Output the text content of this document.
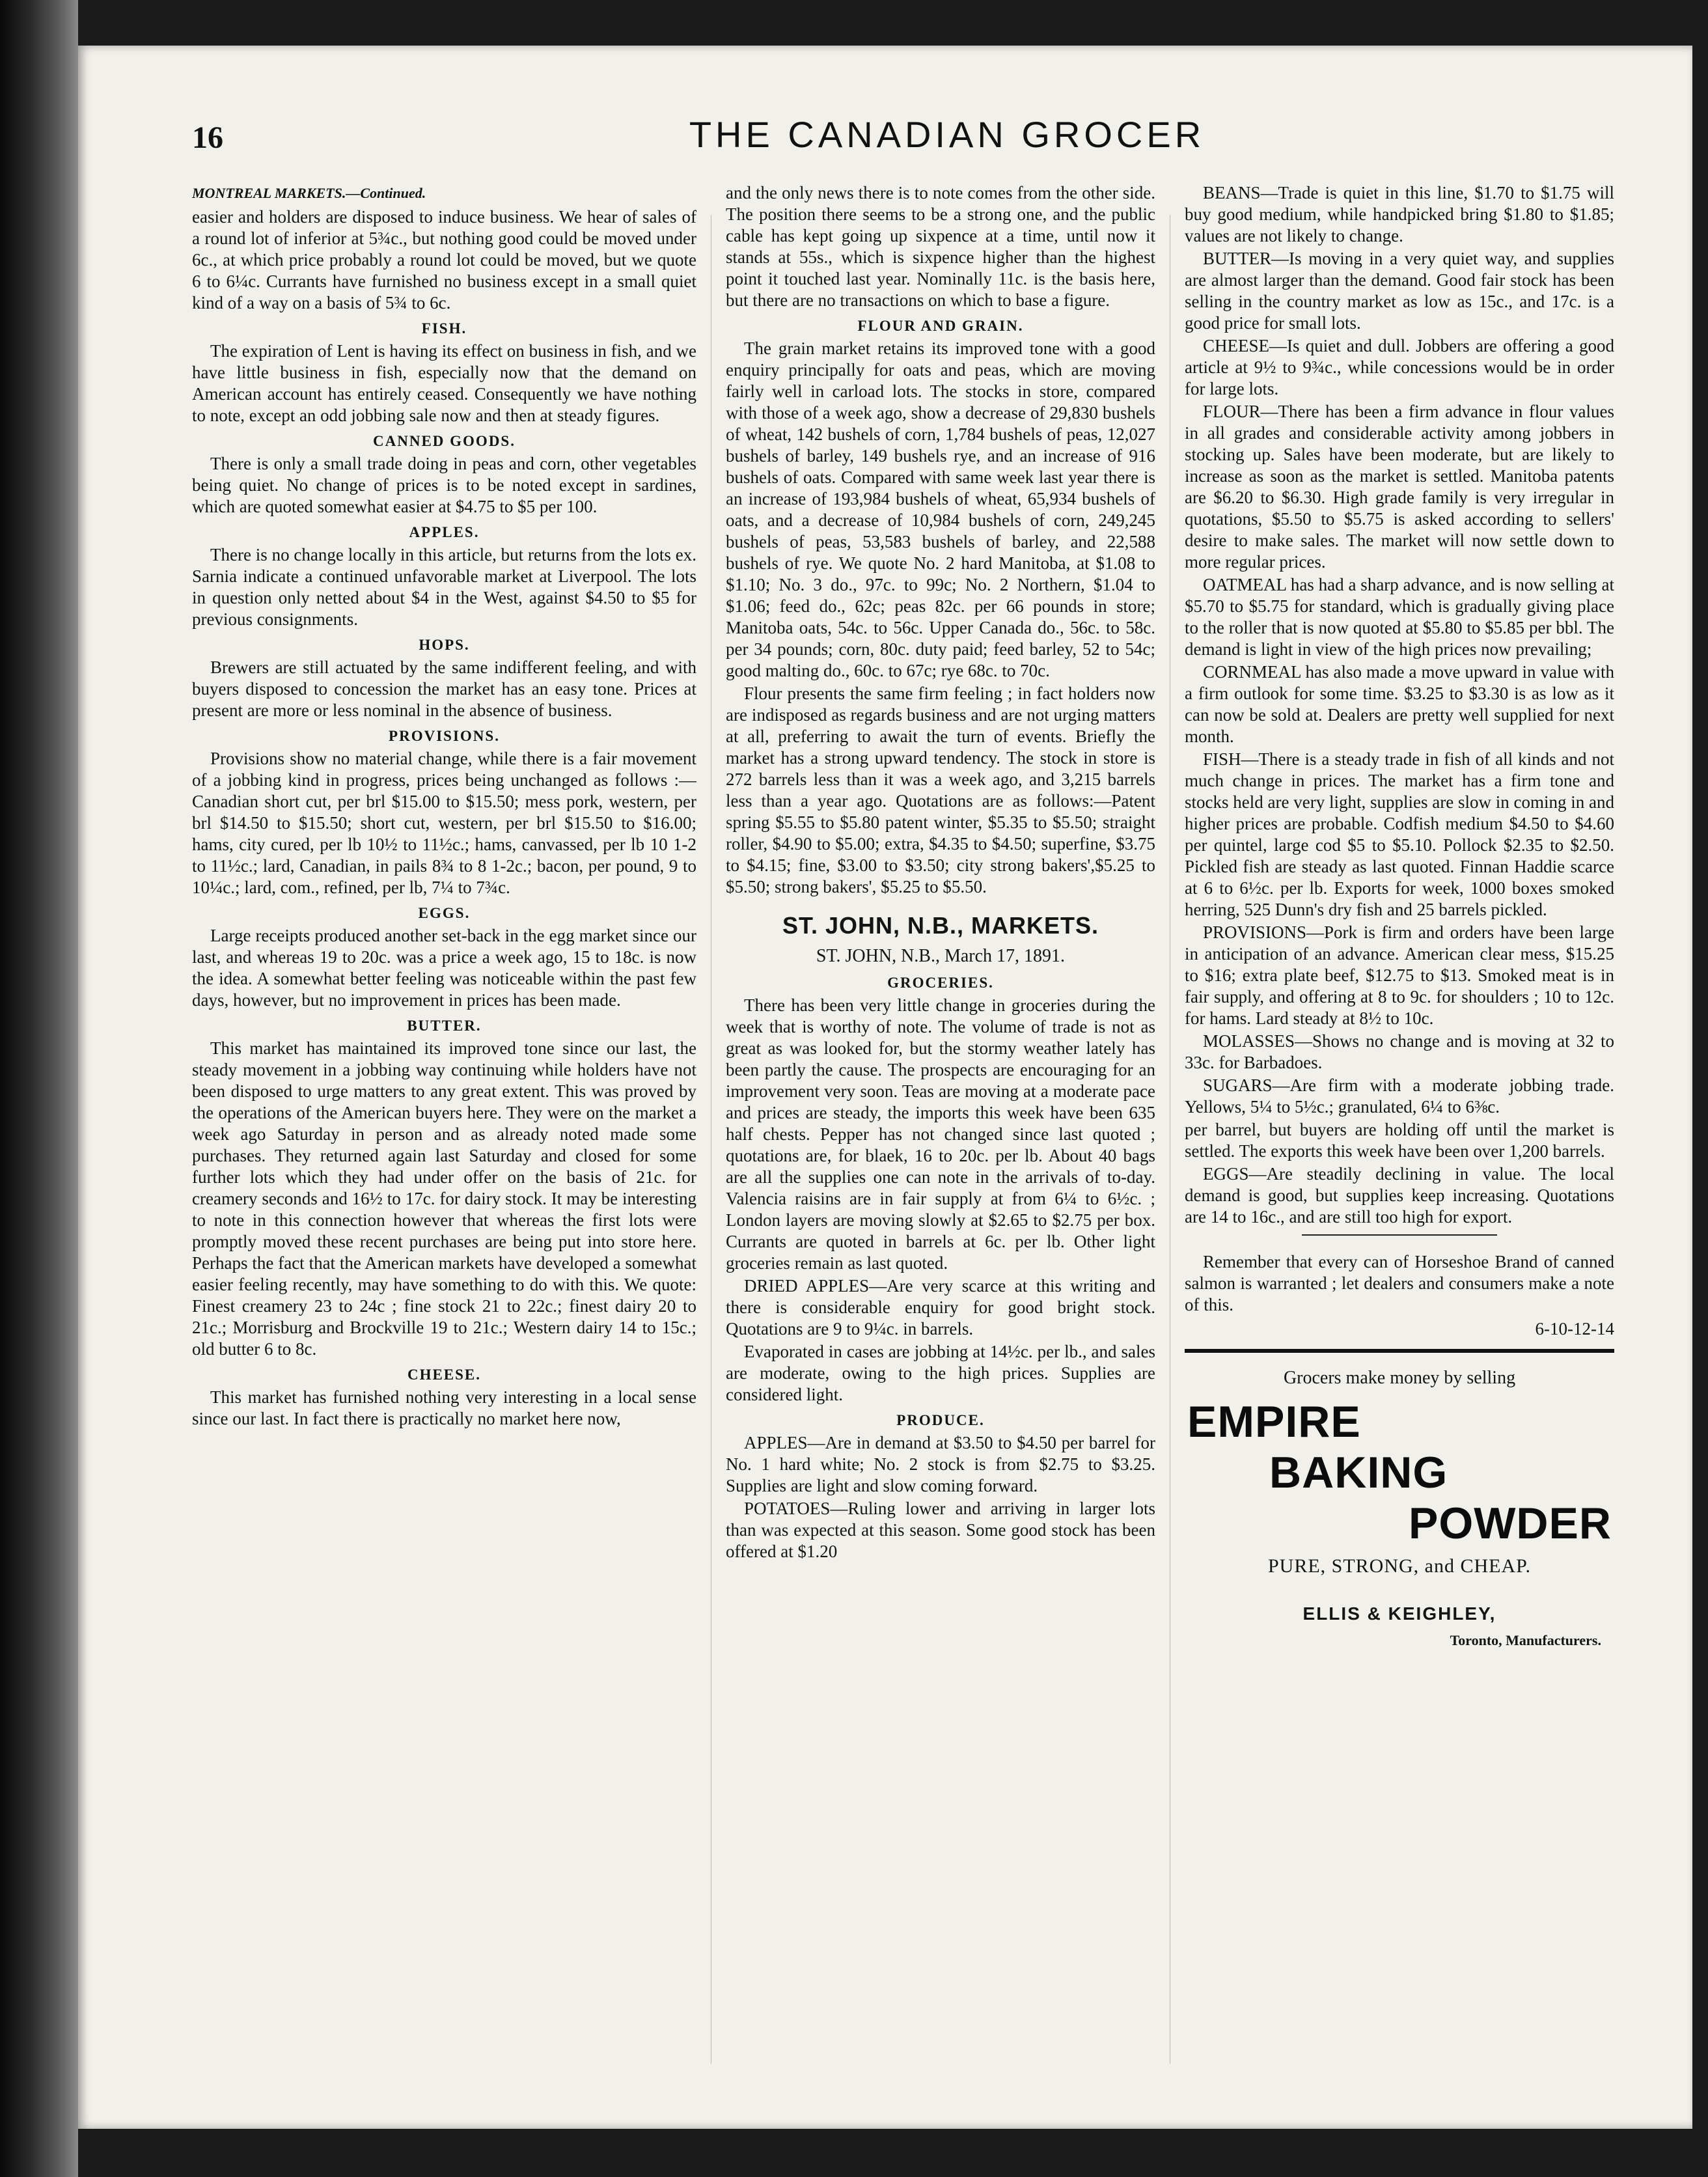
16	THE CANADIAN GROCER
MONTREAL MARKETS.—Continued.

easier and holders are disposed to induce business. We hear of sales of a round lot of inferior at 5¾c., but nothing good could be moved under 6c., at which price probably a round lot could be moved, but we quote 6 to 6¼c. Currants have furnished no business except in a small quiet kind of a way on a basis of 5¾ to 6c.

FISH.

The expiration of Lent is having its effect on business in fish, and we have little business in fish, especially now that the demand on American account has entirely ceased. Consequently we have nothing to note, except an odd jobbing sale now and then at steady figures.

CANNED GOODS.

There is only a small trade doing in peas and corn, other vegetables being quiet. No change of prices is to be noted except in sardines, which are quoted somewhat easier at $4.75 to $5 per 100.

APPLES.

There is no change locally in this article, but returns from the lots ex. Sarnia indicate a continued unfavorable market at Liverpool. The lots in question only netted about $4 in the West, against $4.50 to $5 for previous consignments.

HOPS.

Brewers are still actuated by the same indifferent feeling, and with buyers disposed to concession the market has an easy tone. Prices at present are more or less nominal in the absence of business.

PROVISIONS.

Provisions show no material change, while there is a fair movement of a jobbing kind in progress, prices being unchanged as follows :—Canadian short cut, per brl $15.00 to $15.50; mess pork, western, per brl $14.50 to $15.50; short cut, western, per brl $15.50 to $16.00; hams, city cured, per lb 10½ to 11½c.; hams, canvassed, per lb 10 1-2 to 11½c.; lard, Canadian, in pails 8¾ to 8 1-2c.; bacon, per pound, 9 to 10¼c.; lard, com., refined, per lb, 7¼ to 7¾c.

EGGS.

Large receipts produced another set-back in the egg market since our last, and whereas 19 to 20c. was a price a week ago, 15 to 18c. is now the idea. A somewhat better feeling was noticeable within the past few days, however, but no improvement in prices has been made.

BUTTER.

This market has maintained its improved tone since our last, the steady movement in a jobbing way continuing while holders have not been disposed to urge matters to any great extent. This was proved by the operations of the American buyers here. They were on the market a week ago Saturday in person and as already noted made some purchases. They returned again last Saturday and closed for some further lots which they had under offer on the basis of 21c. for creamery seconds and 16½ to 17c. for dairy stock. It may be interesting to note in this connection however that whereas the first lots were promptly moved these recent purchases are being put into store here. Perhaps the fact that the American markets have developed a somewhat easier feeling recently, may have something to do with this. We quote: Finest creamery 23 to 24c ; fine stock 21 to 22c.; finest dairy 20 to 21c.; Morrisburg and Brockville 19 to 21c.; Western dairy 14 to 15c.; old butter 6 to 8c.

CHEESE.

This market has furnished nothing very interesting in a local sense since our last. In fact there is practically no market here now,

and the only news there is to note comes from the other side. The position there seems to be a strong one, and the public cable has kept going up sixpence at a time, until now it stands at 55s., which is sixpence higher than the highest point it touched last year. Nominally 11c. is the basis here, but there are no transactions on which to base a figure.

FLOUR AND GRAIN.

The grain market retains its improved tone with a good enquiry principally for oats and peas, which are moving fairly well in carload lots. The stocks in store, compared with those of a week ago, show a decrease of 29,830 bushels of wheat, 142 bushels of corn, 1,784 bushels of peas, 12,027 bushels of barley, 149 bushels rye, and an increase of 916 bushels of oats. Compared with same week last year there is an increase of 193,984 bushels of wheat, 65,934 bushels of oats, and a decrease of 10,984 bushels of corn, 249,245 bushels of peas, 53,583 bushels of barley, and 22,588 bushels of rye. We quote No. 2 hard Manitoba, at $1.08 to $1.10; No. 3 do., 97c. to 99c; No. 2 Northern, $1.04 to $1.06; feed do., 62c; peas 82c. per 66 pounds in store; Manitoba oats, 54c. to 56c. Upper Canada do., 56c. to 58c. per 34 pounds; corn, 80c. duty paid; feed barley, 52 to 54c; good malting do., 60c. to 67c; rye 68c. to 70c.

Flour presents the same firm feeling ; in fact holders now are indisposed as regards business and are not urging matters at all, preferring to await the turn of events. Briefly the market has a strong upward tendency. The stock in store is 272 barrels less than it was a week ago, and 3,215 barrels less than a year ago. Quotations are as follows:—Patent spring $5.55 to $5.80 patent winter, $5.35 to $5.50; straight roller, $4.90 to $5.00; extra, $4.35 to $4.50; superfine, $3.75 to $4.15; fine, $3.00 to $3.50; city strong bakers',$5.25 to $5.50; strong bakers', $5.25 to $5.50.

ST. JOHN, N.B., MARKETS.
ST. JOHN, N.B., March 17, 1891.
GROCERIES.

There has been very little change in groceries during the week that is worthy of note. The volume of trade is not as great as was looked for, but the stormy weather lately has been partly the cause. The prospects are encouraging for an improvement very soon. Teas are moving at a moderate pace and prices are steady, the imports this week have been 635 half chests. Pepper has not changed since last quoted ; quotations are, for blaek, 16 to 20c. per lb. About 40 bags are all the supplies one can note in the arrivals of to-day. Valencia raisins are in fair supply at from 6¼ to 6½c. ; London layers are moving slowly at $2.65 to $2.75 per box. Currants are quoted in barrels at 6c. per lb. Other light groceries remain as last quoted.

DRIED APPLES—Are very scarce at this writing and there is considerable enquiry for good bright stock. Quotations are 9 to 9¼c. in barrels.

Evaporated in cases are jobbing at 14½c. per lb., and sales are moderate, owing to the high prices. Supplies are considered light.

PRODUCE.

APPLES—Are in demand at $3.50 to $4.50 per barrel for No. 1 hard white; No. 2 stock is from $2.75 to $3.25. Supplies are light and slow coming forward.

POTATOES—Ruling lower and arriving in larger lots than was expected at this season. Some good stock has been offered at $1.20

BEANS—Trade is quiet in this line, $1.70 to $1.75 will buy good medium, while handpicked bring $1.80 to $1.85; values are not likely to change.

BUTTER—Is moving in a very quiet way, and supplies are almost larger than the demand. Good fair stock has been selling in the country market as low as 15c., and 17c. is a good price for small lots.

CHEESE—Is quiet and dull. Jobbers are offering a good article at 9½ to 9¾c., while concessions would be in order for large lots.

FLOUR—There has been a firm advance in flour values in all grades and considerable activity among jobbers in stocking up. Sales have been moderate, but are likely to increase as soon as the market is settled. Manitoba patents are $6.20 to $6.30. High grade family is very irregular in quotations, $5.50 to $5.75 is asked according to sellers' desire to make sales. The market will now settle down to more regular prices.

OATMEAL has had a sharp advance, and is now selling at $5.70 to $5.75 for standard, which is gradually giving place to the roller that is now quoted at $5.80 to $5.85 per bbl. The demand is light in view of the high prices now prevailing;

CORNMEAL has also made a move upward in value with a firm outlook for some time. $3.25 to $3.30 is as low as it can now be sold at. Dealers are pretty well supplied for next month.

FISH—There is a steady trade in fish of all kinds and not much change in prices. The market has a firm tone and stocks held are very light, supplies are slow in coming in and higher prices are probable. Codfish medium $4.50 to $4.60 per quintel, large cod $5 to $5.10. Pollock $2.35 to $2.50. Pickled fish are steady as last quoted. Finnan Haddie scarce at 6 to 6½c. per lb. Exports for week, 1000 boxes smoked herring, 525 Dunn's dry fish and 25 barrels pickled.

PROVISIONS—Pork is firm and orders have been large in anticipation of an advance. American clear mess, $15.25 to $16; extra plate beef, $12.75 to $13. Smoked meat is in fair supply, and offering at 8 to 9c. for shoulders ; 10 to 12c. for hams. Lard steady at 8½ to 10c.

MOLASSES—Shows no change and is moving at 32 to 33c. for Barbadoes.

SUGARS—Are firm with a moderate jobbing trade. Yellows, 5¼ to 5½c.; granulated, 6¼ to 6⅜c.

per barrel, but buyers are holding off until the market is settled. The exports this week have been over 1,200 barrels.

EGGS—Are steadily declining in value. The local demand is good, but supplies keep increasing. Quotations are 14 to 16c., and are still too high for export.

Remember that every can of Horseshoe Brand of canned salmon is warranted ; let dealers and consumers make a note of this.

6-10-12-14
Grocers make money by selling
EMPIRE
BAKING
POWDER
PURE, STRONG, and CHEAP.
ELLIS & KEIGHLEY,
Toronto, Manufacturers.
